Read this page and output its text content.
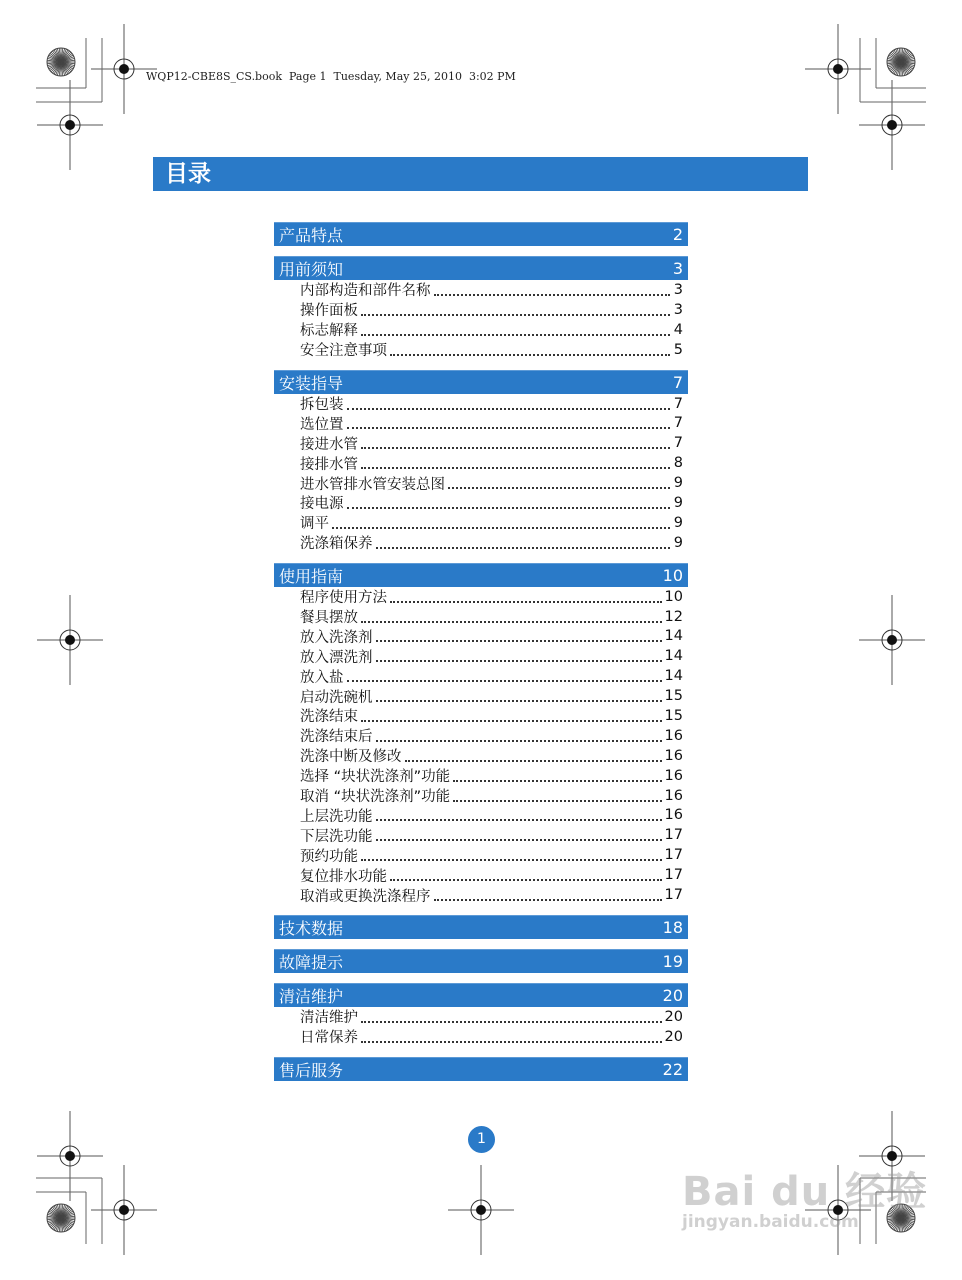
WQP12-CBE8S_CS.book  Page 1  Tuesday, May 25, 2010  3:02 PM
目录
产品特点	2
用前须知	3
内部构造和部件名称	3
操作面板	3
标志解释	4
安全注意事项	5
安装指导	7
拆包装	7
选位置	7
接进水管	7
接排水管	8
进水管排水管安装总图	9
接电源	9
调平	9
洗涤箱保养	9
使用指南	10
程序使用方法	10
餐具摆放	12
放入洗涤剂	14
放入漂洗剂	14
放入盐	14
启动洗碗机	15
洗涤结束	15
洗涤结束后	16
洗涤中断及修改	16
选择 “块状洗涤剂”功能	16
取消 “块状洗涤剂”功能	16
上层洗功能	16
下层洗功能	17
预约功能	17
复位排水功能	17
取消或更换洗涤程序	17
技术数据	18
故障提示	19
清洁维护	20
清洁维护	20
日常保养	20
售后服务	22
1
Bai du 经验
jingyan.baidu.com
